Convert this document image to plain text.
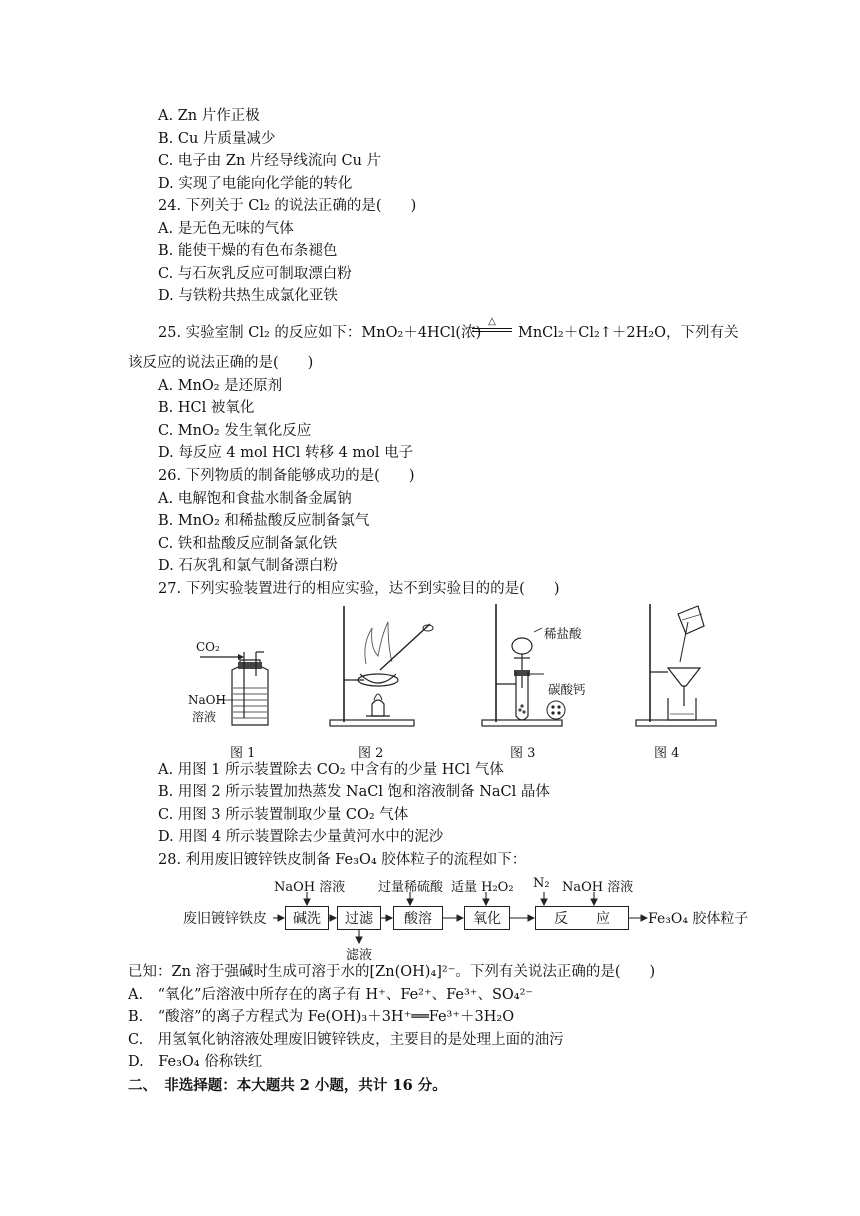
A. Zn 片作正极
B. Cu 片质量减少
C. 电子由 Zn 片经导线流向 Cu 片
D. 实现了电能向化学能的转化
24. 下列关于 Cl₂ 的说法正确的是(　　)
A. 是无色无味的气体
B. 能使干燥的有色布条褪色
C. 与石灰乳反应可制取漂白粉
D. 与铁粉共热生成氯化亚铁
25. 实验室制 Cl₂ 的反应如下：MnO₂＋4HCl(浓)
△
MnCl₂＋Cl₂↑＋2H₂O，下列有关
该反应的说法正确的是(　　)
A. MnO₂ 是还原剂
B. HCl 被氧化
C. MnO₂ 发生氧化反应
D. 每反应 4 mol HCl 转移 4 mol 电子
26. 下列物质的制备能够成功的是(　　)
A. 电解饱和食盐水制备金属钠
B. MnO₂ 和稀盐酸反应制备氯气
C. 铁和盐酸反应制备氯化铁
D. 石灰乳和氯气制备漂白粉
27. 下列实验装置进行的相应实验，达不到实验目的的是(　　)
CO₂
NaOH
溶液
稀盐酸
碳酸钙
图 1	图 2	图 3	图 4
A. 用图 1 所示装置除去 CO₂ 中含有的少量 HCl 气体
B. 用图 2 所示装置加热蒸发 NaCl 饱和溶液制备 NaCl 晶体
C. 用图 3 所示装置制取少量 CO₂ 气体
D. 用图 4 所示装置除去少量黄河水中的泥沙
28. 利用废旧镀锌铁皮制备 Fe₃O₄ 胶体粒子的流程如下：
废旧镀锌铁皮	碱洗	过滤	酸溶	氧化	反　　应
NaOH 溶液	过量稀硫酸 适量 H₂O₂ N₂ NaOH 溶液
滤液
Fe₃O₄ 胶体粒子
已知：Zn 溶于强碱时生成可溶于水的[Zn(OH)₄]²⁻。下列有关说法正确的是(　　)
A.　“氧化”后溶液中所存在的离子有 H⁺、Fe²⁺、Fe³⁺、SO₄²⁻
B.　“酸溶”的离子方程式为 Fe(OH)₃＋3H⁺══Fe³⁺＋3H₂O
C.　用氢氧化钠溶液处理废旧镀锌铁皮，主要目的是处理上面的油污
D.　Fe₃O₄ 俗称铁红
二、　非选择题：本大题共 2 小题，共计 16 分。
